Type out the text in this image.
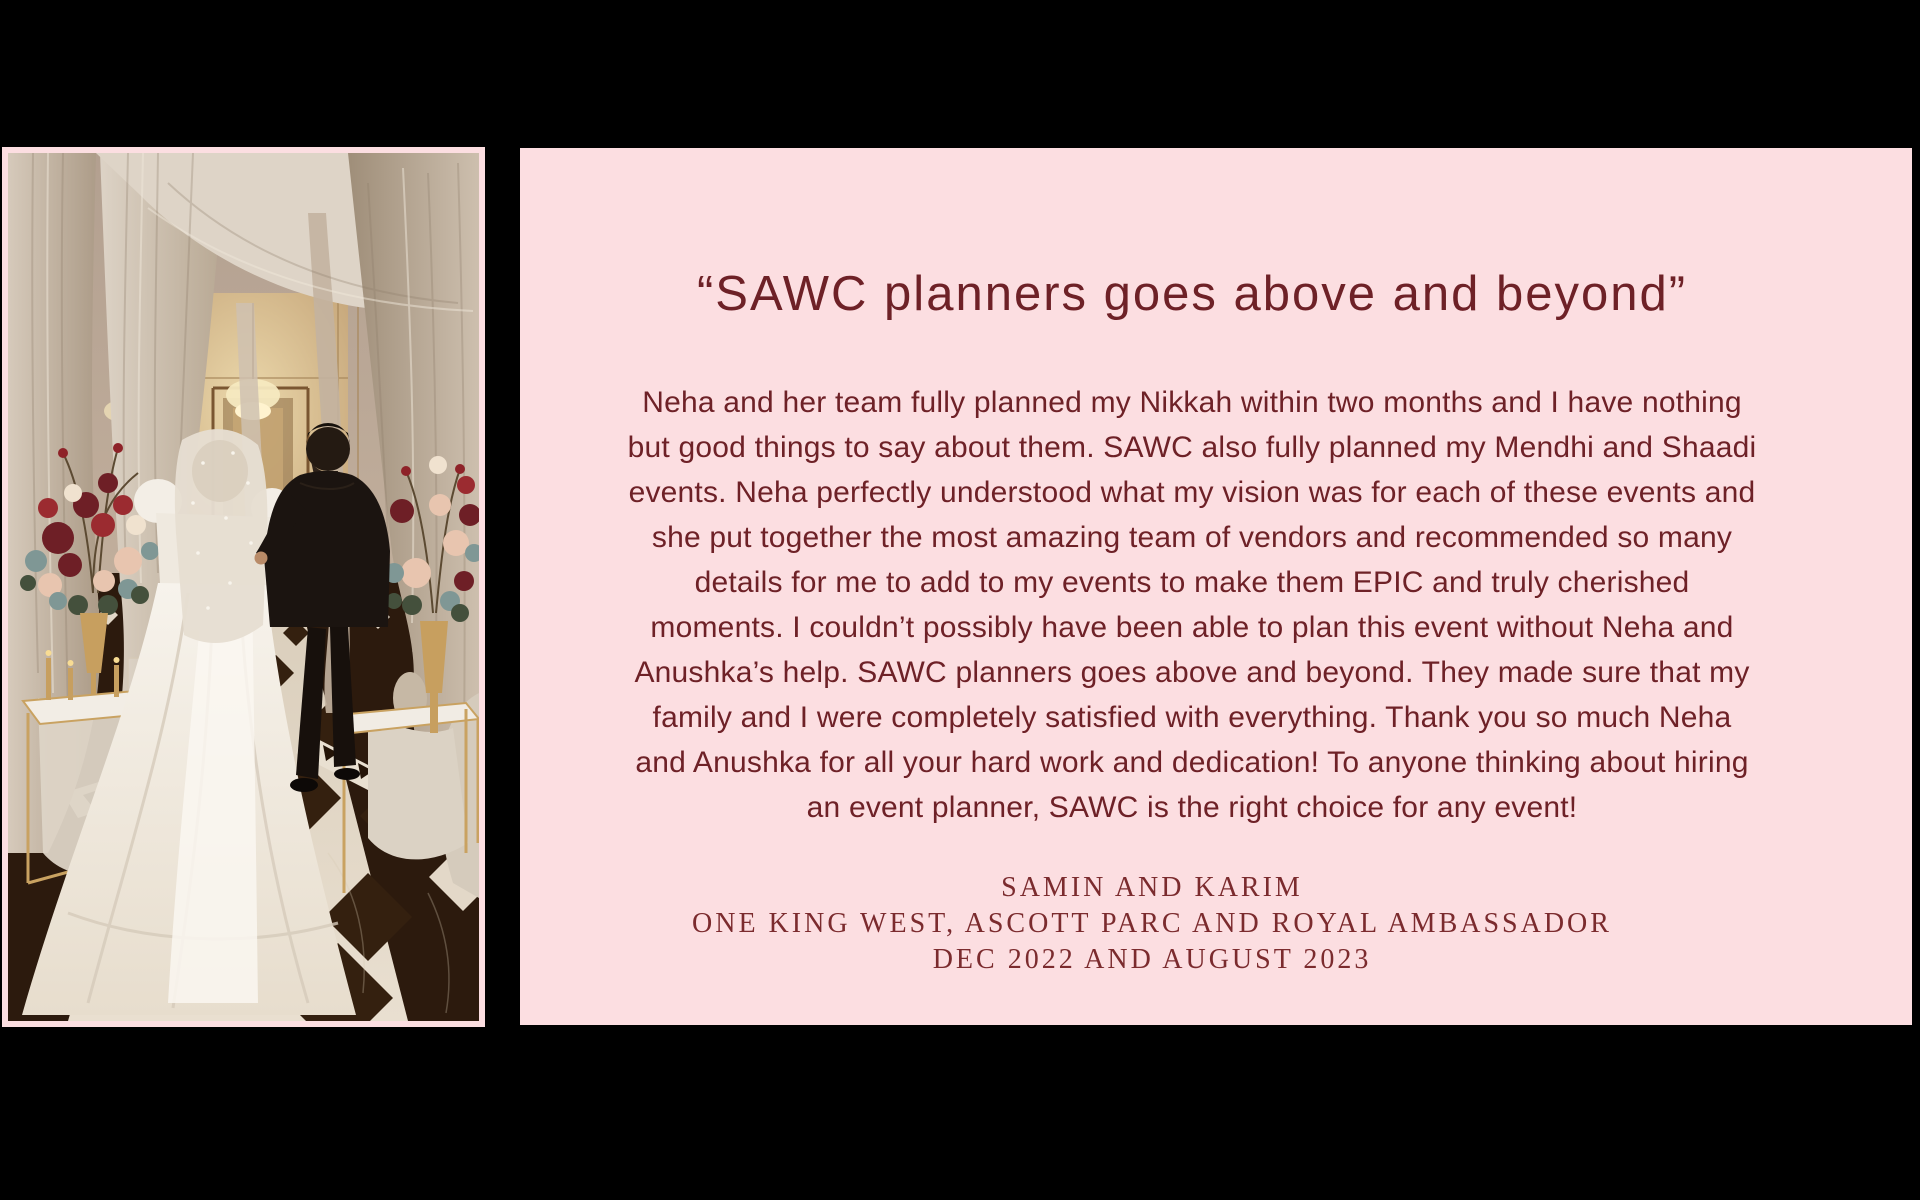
“SAWC planners goes above and beyond”
Neha and her team fully planned my Nikkah within two months and I have nothing
but good things to say about them. SAWC also fully planned my Mendhi and Shaadi
events. Neha perfectly understood what my vision was for each of these events and
she put together the most amazing team of vendors and recommended so many
details for me to add to my events to make them EPIC and truly cherished
moments. I couldn’t possibly have been able to plan this event without Neha and
Anushka’s help. SAWC planners goes above and beyond. They made sure that my
family and I were completely satisfied with everything. Thank you so much Neha
and Anushka for all your hard work and dedication! To anyone thinking about hiring
an event planner, SAWC is the right choice for any event!
SAMIN AND KARIM
ONE KING WEST, ASCOTT PARC AND ROYAL AMBASSADOR
DEC 2022 AND AUGUST 2023
